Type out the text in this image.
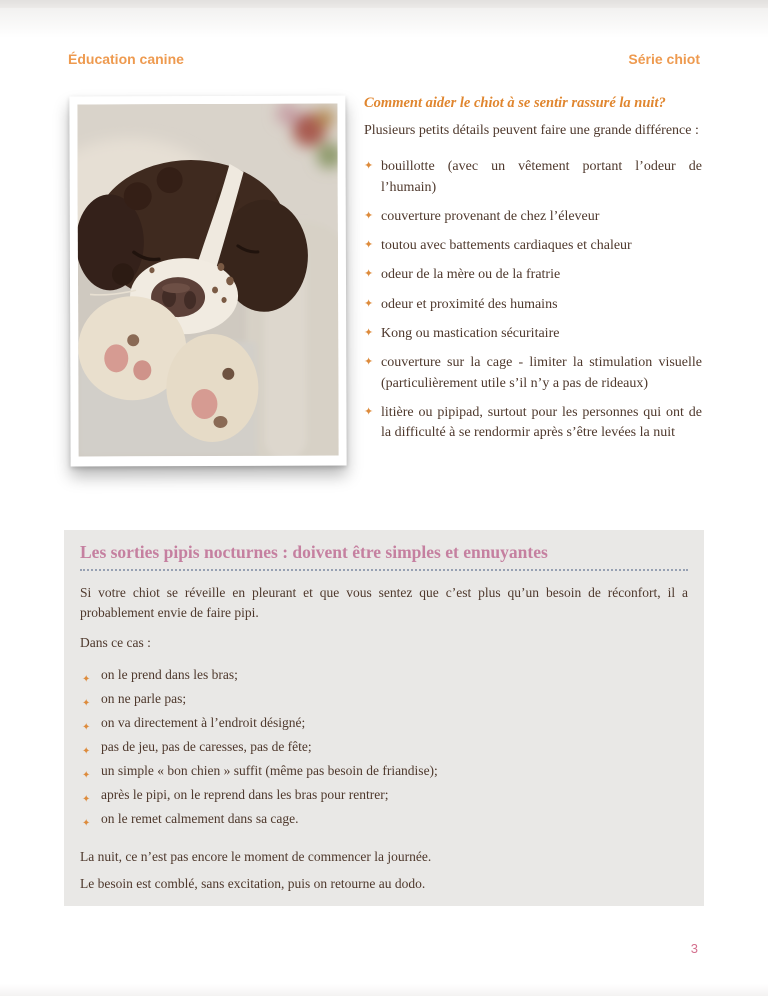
Éducation canine	Série chiot
Comment aider le chiot à se sentir rassuré la nuit?

Plusieurs petits détails peuvent faire une grande différence :

✦ bouillotte (avec un vêtement portant l’odeur de l’humain)
✦ couverture provenant de chez l’éleveur
✦ toutou avec battements cardiaques et chaleur
✦ odeur de la mère ou de la fratrie
✦ odeur et proximité des humains
✦ Kong ou mastication sécuritaire
✦ couverture sur la cage - limiter la stimulation visuelle (particulièrement utile s’il n’y a pas de rideaux)
✦ litière ou pipipad, surtout pour les personnes qui ont de la difficulté à se rendormir après s’être levées la nuit
Les sorties pipis nocturnes : doivent être simples et ennuyantes

Si votre chiot se réveille en pleurant et que vous sentez que c’est plus qu’un besoin de réconfort, il a probablement envie de faire pipi.

Dans ce cas :

✦ on le prend dans les bras;
✦ on ne parle pas;
✦ on va directement à l’endroit désigné;
✦ pas de jeu, pas de caresses, pas de fête;
✦ un simple « bon chien » suffit (même pas besoin de friandise);
✦ après le pipi, on le reprend dans les bras pour rentrer;
✦ on le remet calmement dans sa cage.

La nuit, ce n’est pas encore le moment de commencer la journée.

Le besoin est comblé, sans excitation, puis on retourne au dodo.

3
